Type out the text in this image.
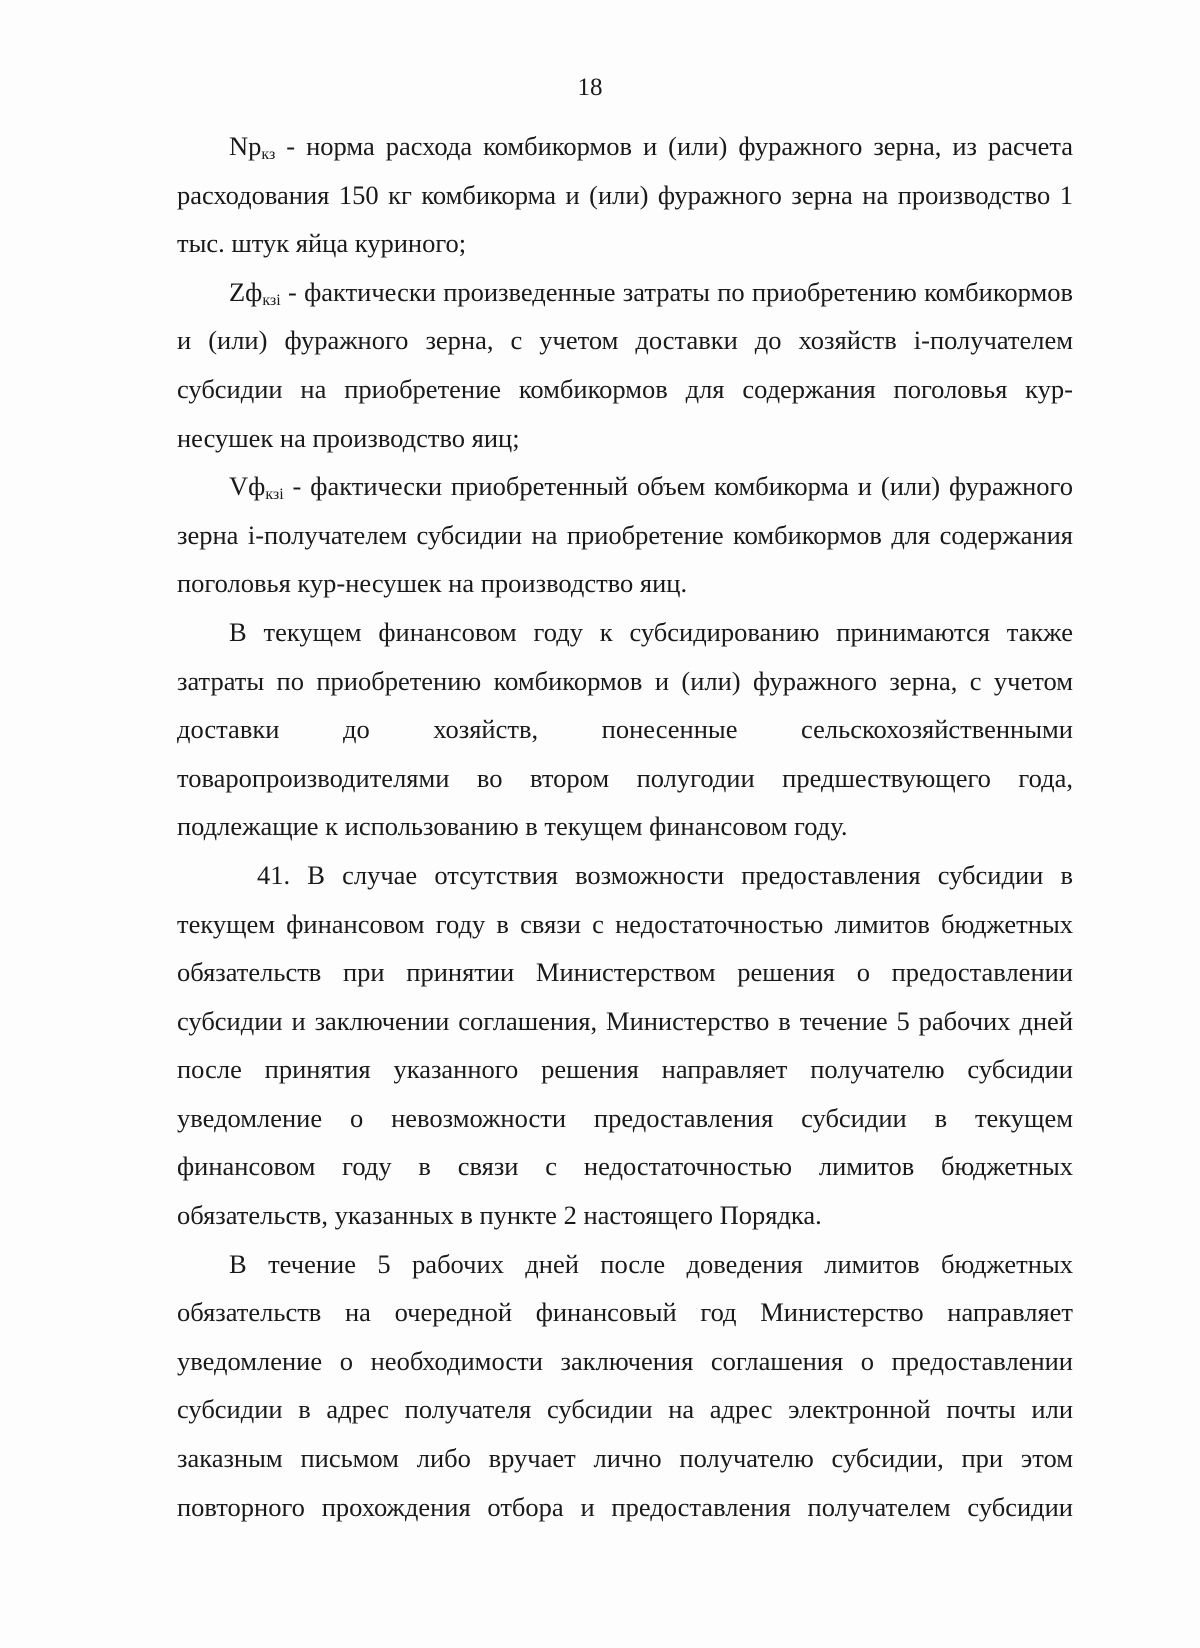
18

$Np_{кз}$ - норма расхода комбикормов и (или) фуражного зерна, из расчета расходования 150 кг комбикорма и (или) фуражного зерна на производство 1 тыс. штук яйца куриного;

$Zф_{кзi}$ - фактически произведенные затраты по приобретению комбикормов и (или) фуражного зерна, с учетом доставки до хозяйств i-получателем субсидии на приобретение комбикормов для содержания поголовья кур-несушек на производство яиц;

$Vф_{кзi}$ - фактически приобретенный объем комбикорма и (или) фуражного зерна i-получателем субсидии на приобретение комбикормов для содержания поголовья кур-несушек на производство яиц.

В текущем финансовом году к субсидированию принимаются также затраты по приобретению комбикормов и (или) фуражного зерна, с учетом доставки до хозяйств, понесенные сельскохозяйственными товаропроизводителями во втором полугодии предшествующего года, подлежащие к использованию в текущем финансовом году.

41. В случае отсутствия возможности предоставления субсидии в текущем финансовом году в связи с недостаточностью лимитов бюджетных обязательств при принятии Министерством решения о предоставлении субсидии и заключении соглашения, Министерство в течение 5 рабочих дней после принятия указанного решения направляет получателю субсидии уведомление о невозможности предоставления субсидии в текущем финансовом году в связи с недостаточностью лимитов бюджетных обязательств, указанных в пункте 2 настоящего Порядка.

В течение 5 рабочих дней после доведения лимитов бюджетных обязательств на очередной финансовый год Министерство направляет уведомление о необходимости заключения соглашения о предоставлении субсидии в адрес получателя субсидии на адрес электронной почты или заказным письмом либо вручает лично получателю субсидии, при этом повторного прохождения отбора и предоставления получателем субсидии
